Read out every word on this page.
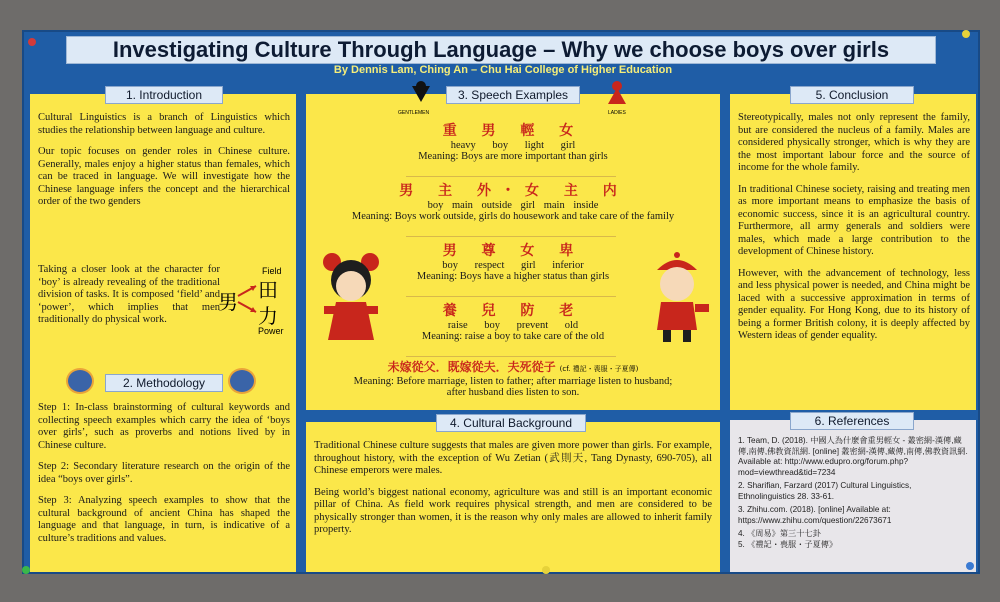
Investigating Culture Through Language – Why we choose boys over girls
By Dennis Lam, Ching An – Chu Hai College of Higher Education
1. Introduction

Cultural Linguistics is a branch of Linguistics which studies the relationship between language and culture.

Our topic focuses on gender roles in Chinese culture. Generally, males enjoy a higher status than females, which can be traced in language. We will investigate how the Chinese language infers the concept and the hierarchical order of the two genders

Taking a closer look at the character for ‘boy’ is already revealing of the traditional division of tasks. It is composed ‘field’ and ‘power’, which implies that men traditionally do physical work.
Field
田
男
力
Power
2. Methodology

Step 1: In-class brainstorming of cultural keywords and collecting speech examples which carry the idea of ‘boys over girls’, such as proverbs and notions lived by in Chinese culture.

Step 2: Secondary literature research on the origin of the idea “boys over girls”.

Step 3: Analyzing speech examples to show that the cultural background of ancient China has shaped the language and that language, in turn, is indicative of a culture’s traditions and values.

3. Speech Examples
GENTLEMEN	LADIES
重 男 輕 女
heavy boy light girl
Meaning: Boys are more important than girls
男 主 外・女 主 内
boy main outside girl main inside
Meaning: Boys work outside, girls do housework and take care of the family
男 尊 女 卑
boy respect girl inferior
Meaning: Boys have a higher status than girls
養 兒 防 老
raise boy prevent old
Meaning: raise a boy to take care of the old
未嫁從父．既嫁從夫．夫死從子 (cf. 禮記・喪服・子夏傳)
Meaning: Before marriage, listen to father; after marriage listen to husband;
after husband dies listen to son.
4. Cultural Background

Traditional Chinese culture suggests that males are given more power than girls. For example, throughout history, with the exception of Wu Zetian (武則天, Tang Dynasty, 690-705), all Chinese emperors were males.

Being world’s biggest national economy, agriculture was and still is an important economic pillar of China. As field work requires physical strength, and men are considered to be physically stronger than women, it is the reason why only males are allowed to inherit family property.

5. Conclusion

Stereotypically, males not only represent the family, but are considered the nucleus of a family. Males are considered physically stronger, which is why they are the most important labour force and the source of income for the whole family.

In traditional Chinese society, raising and treating men as more important means to emphasize the basis of economic success, since it is an agricultural country. Furthermore, all army generals and soldiers were males, which made a large contribution to the development of Chinese history.

However, with the advancement of technology, less and less physical power is needed, and China might be laced with a successive approximation in terms of gender equality. For Hong Kong, due to its history of being a former British colony, it is deeply affected by Western ideas of gender equality.

6. References
1. Team, D. (2018). 中國人為什麼會重男輕女 - 叢密網-漢傳,藏傳,南傳,佛教資訊網. [online] 叢密網-漢傳,藏傳,南傳,佛教資訊網. Available at: http://www.edupro.org/forum.php?mod=viewthread&tid=7234
2. Sharifian, Farzard (2017) Cultural Linguistics, Ethnolinguistics 28. 33-61.
3. Zhihu.com. (2018). [online] Available at: https://www.zhihu.com/question/22673671
4. 《周易》第三十七卦
5. 《禮記・喪服・子夏傳》
